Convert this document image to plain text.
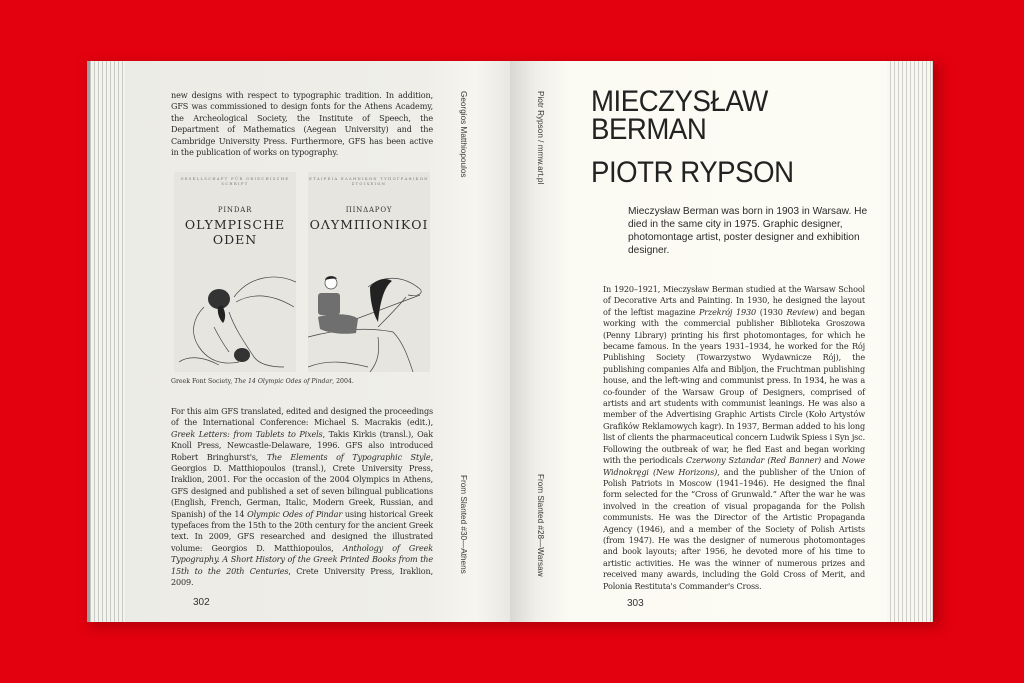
new designs with respect to typographic tradition. In addition, GFS was commissioned to design fonts for the Athens Academy, the Archeological Society, the Institute of Speech, the Department of Mathematics (Aegean University) and the Cambridge University Press. Furthermore, GFS has been active in the publication of works on typography.

GESELLSCHAFT FÜR GRIECHISCHE SCHRIFT
PINDAR
OLYMPISCHE
ODEN
ΕΤΑΙΡΕΙΑ ΕΛΛΗΝΙΚΩΝ ΤΥΠΟΓΡΑΦΙΚΩΝ ΣΤΟΙΧΕΙΩΝ
ΠΙΝΔΑΡΟΥ
ΟΛΥΜΠΙΟΝΙΚΟΙ
Greek Font Society, The 14 Olympic Odes of Pindar, 2004.

For this aim GFS translated, edited and designed the proceedings of the International Conference: Michael S. Macrakis (edit.), Greek Letters: from Tablets to Pixels, Takis Kirkis (transl.), Oak Knoll Press, Newcastle-Delaware, 1996. GFS also introduced Robert Bringhurst's, The Elements of Typographic Style, Georgios D. Matthiopoulos (transl.), Crete University Press, Iraklion, 2001. For the occasion of the 2004 Olympics in Athens, GFS designed and published a set of seven bilingual publications (English, French, German, Italic, Modern Greek, Russian, and Spanish) of the 14 Olympic Odes of Pindar using historical Greek typefaces from the 15th to the 20th century for the ancient Greek text. In 2009, GFS researched and designed the illustrated volume: Georgios D. Matthiopoulos, Anthology of Greek Typography. A Short History of the Greek Printed Books from the 15th to the 20th Centuries, Crete University Press, Iraklion, 2009.

Georgios Matthiopoulos
From Slanted #30—Athens
302
Piotr Rypson / mmw.art.pl
From Slanted #28—Warsaw
MIECZYSŁAW
BERMAN
PIOTR RYPSON
Mieczysław Berman was born in 1903 in Warsaw. He died in the same city in 1975. Graphic designer, photomontage artist, poster designer and exhibition designer.

In 1920–1921, Mieczysław Berman studied at the Warsaw School of Decorative Arts and Painting. In 1930, he designed the layout of the leftist magazine Przekrój 1930 (1930 Review) and began working with the commercial publisher Biblioteka Groszowa (Penny Library) printing his first photomontages, for which he became famous. In the years 1931–1934, he worked for the Rój Publishing Society (Towarzystwo Wydawnicze Rój), the publishing companies Alfa and Bibljon, the Fruchtman publishing house, and the left-wing and communist press. In 1934, he was a co-founder of the Warsaw Group of Designers, comprised of artists and art students with communist leanings. He was also a member of the Advertising Graphic Artists Circle (Koło Artystów Grafików Reklamowych kagr). In 1937, Berman added to his long list of clients the pharmaceutical concern Ludwik Spiess i Syn jsc. Following the outbreak of war, he fled East and began working with the periodicals Czerwony Sztandar (Red Banner) and Nowe Widnokręgi (New Horizons), and the publisher of the Union of Polish Patriots in Moscow (1941–1946). He designed the final form selected for the “Cross of Grunwald.” After the war he was involved in the creation of visual propaganda for the Polish communists. He was the Director of the Artistic Propaganda Agency (1946), and a member of the Society of Polish Artists (from 1947). He was the designer of numerous photomontages and book layouts; after 1956, he devoted more of his time to artistic activities. He was the winner of numerous prizes and received many awards, including the Gold Cross of Merit, and Polonia Restituta's Commander's Cross.

303
